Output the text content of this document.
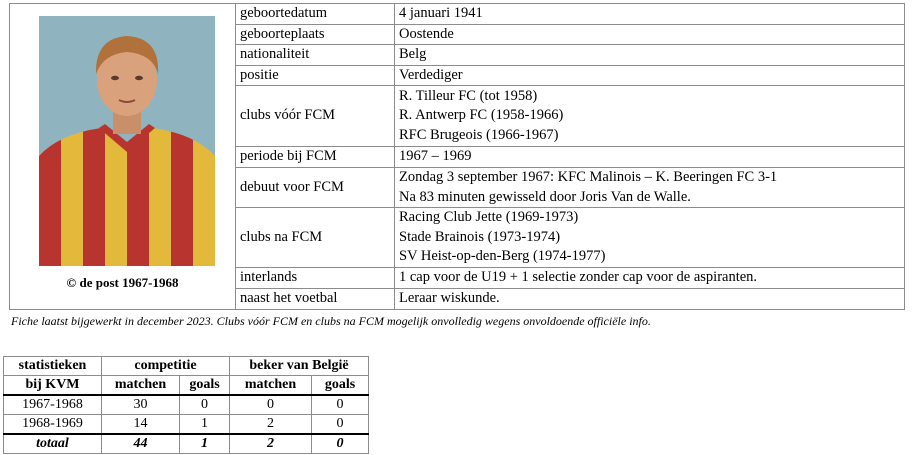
© de post 1967-1968	geboortedatum	4 januari 1941
	geboorteplaats	Oostende
	nationaliteit	Belg
	positie	Verdediger
	clubs vóór FCM	R. Tilleur FC (tot 1958)
R. Antwerp FC (1958-1966)
RFC Brugeois (1966-1967)

	periode bij FCM	1967 – 1969
	debuut voor FCM	Zondag 3 september 1967: KFC Malinois – K. Beeringen FC 3-1
Na 83 minuten gewisseld door Joris Van de Walle.

	clubs na FCM	Racing Club Jette (1969-1973)
Stade Brainois (1973-1974)
SV Heist-op-den-Berg (1974-1977)

	interlands	1 cap voor de U19 + 1 selectie zonder cap voor de aspiranten.
	naast het voetbal	Leraar wiskunde.
Fiche laatst bijgewerkt in december 2023. Clubs vóór FCM en clubs na FCM mogelijk onvolledig wegens onvoldoende officiële info.
statistieken	competitie		beker van België	
bij KVM	matchen	goals	matchen	goals
1967-1968	30	0	0	0
1968-1969	14	1	2	0
totaal	44	1	2	0
